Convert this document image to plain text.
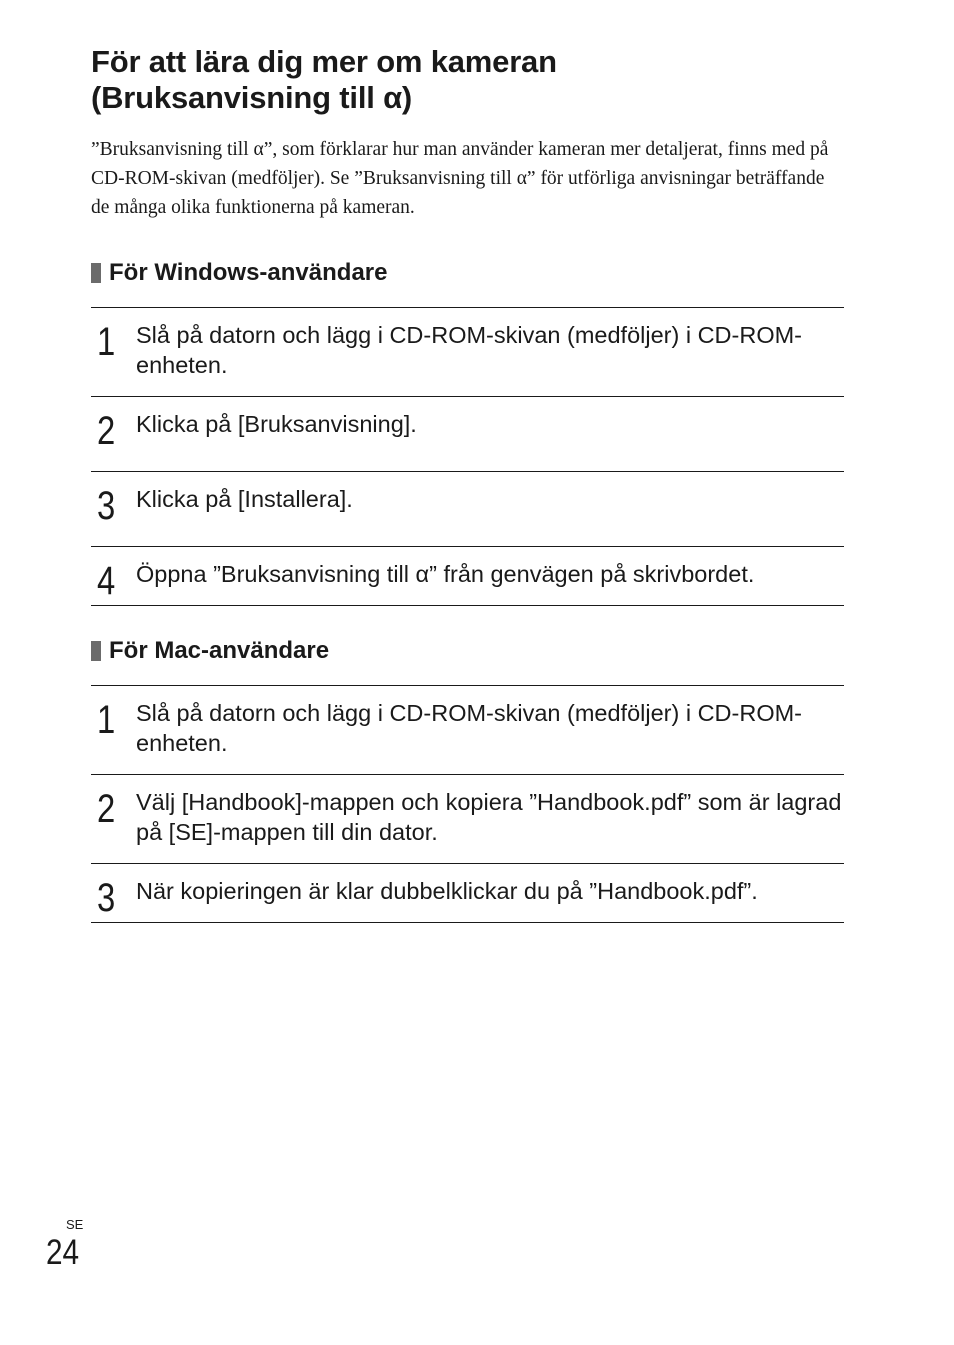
För att lära dig mer om kameran
(Bruksanvisning till α)

”Bruksanvisning till α”, som förklarar hur man använder kameran mer detaljerat, finns med på CD-ROM-skivan (medföljer). Se ”Bruksanvisning till α” för utförliga anvisningar beträffande de många olika funktionerna på kameran.

För Windows-användare
1 Slå på datorn och lägg i CD-ROM-skivan (medföljer) i CD-ROM-enheten.
2 Klicka på [Bruksanvisning].
3 Klicka på [Installera].
4 Öppna ”Bruksanvisning till α” från genvägen på skrivbordet.
För Mac-användare
1 Slå på datorn och lägg i CD-ROM-skivan (medföljer) i CD-ROM-enheten.
2 Välj [Handbook]-mappen och kopiera ”Handbook.pdf” som är lagrad på [SE]-mappen till din dator.
3 När kopieringen är klar dubbelklickar du på ”Handbook.pdf”.
SE
24
